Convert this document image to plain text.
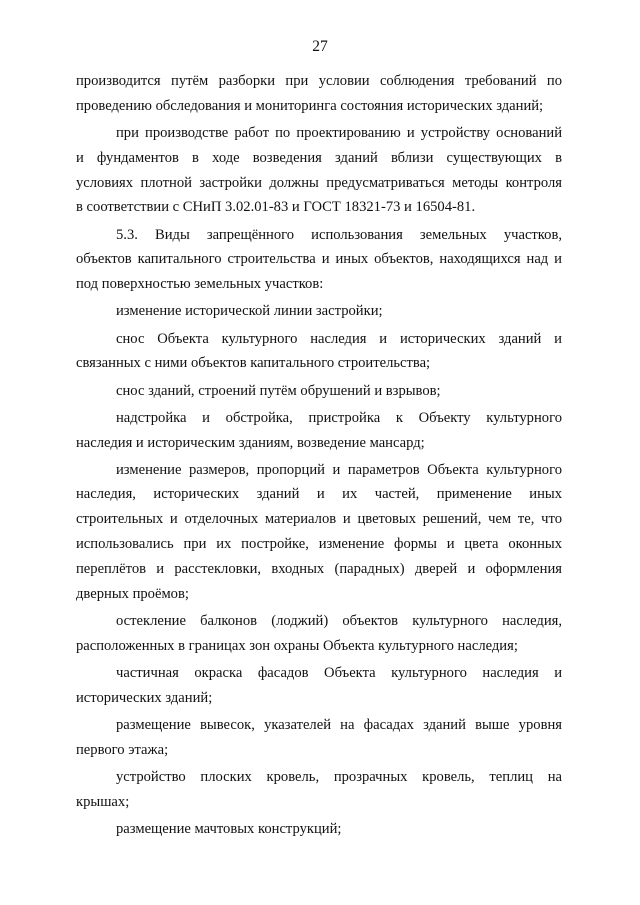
27
производится путём разборки при условии соблюдения требований по
проведению обследования и мониторинга состояния исторических зданий;
при производстве работ по проектированию и устройству оснований
и фундаментов в ходе возведения зданий вблизи существующих в
условиях плотной застройки должны предусматриваться методы контроля
в соответствии с СНиП 3.02.01-83 и ГОСТ 18321-73 и 16504-81.
5.3. Виды запрещённого использования земельных участков,
объектов капитального строительства и иных объектов, находящихся над и
под поверхностью земельных участков:
изменение исторической линии застройки;
снос Объекта культурного наследия и исторических зданий и
связанных с ними объектов капитального строительства;
снос зданий, строений путём обрушений и взрывов;
надстройка и обстройка, пристройка к Объекту культурного
наследия и историческим зданиям, возведение мансард;
изменение размеров, пропорций и параметров Объекта культурного
наследия, исторических зданий и их частей, применение иных
строительных и отделочных материалов и цветовых решений, чем те, что
использовались при их постройке, изменение формы и цвета оконных
переплётов и расстекловки, входных (парадных) дверей и оформления
дверных проёмов;
остекление балконов (лоджий) объектов культурного наследия,
расположенных в границах зон охраны Объекта культурного наследия;
частичная окраска фасадов Объекта культурного наследия и
исторических зданий;
размещение вывесок, указателей на фасадах зданий выше уровня
первого этажа;
устройство плоских кровель, прозрачных кровель, теплиц на
крышах;
размещение мачтовых конструкций;
